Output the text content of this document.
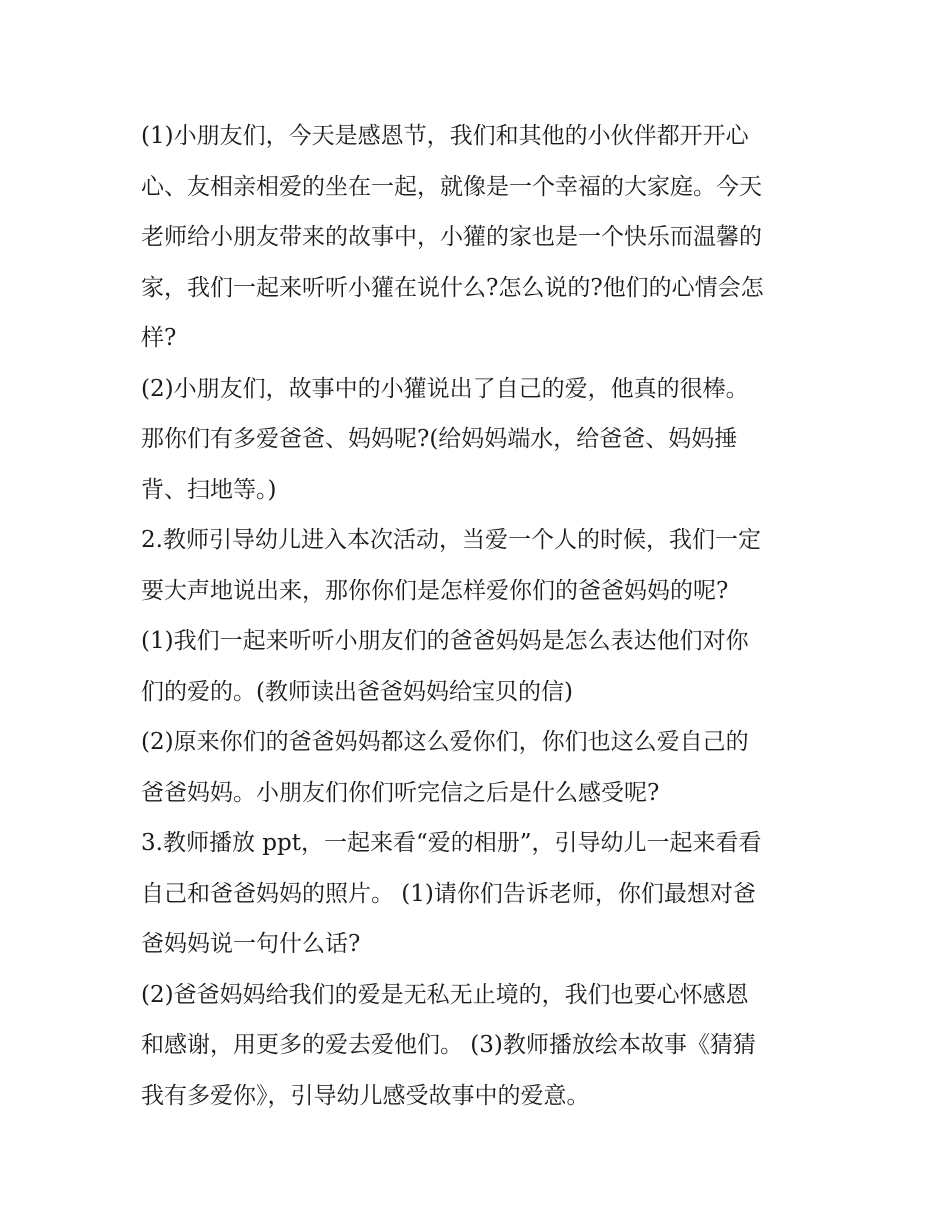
(1)小朋友们，今天是感恩节，我们和其他的小伙伴都开开心

心、友相亲相爱的坐在一起，就像是一个幸福的大家庭。今天

老师给小朋友带来的故事中，小獾的家也是一个快乐而温馨的

家，我们一起来听听小獾在说什么?怎么说的?他们的心情会怎

样?

(2)小朋友们，故事中的小獾说出了自己的爱，他真的很棒。

那你们有多爱爸爸、妈妈呢?(给妈妈端水，给爸爸、妈妈捶

背、扫地等。)

2.教师引导幼儿进入本次活动，当爱一个人的时候，我们一定

要大声地说出来，那你你们是怎样爱你们的爸爸妈妈的呢?

(1)我们一起来听听小朋友们的爸爸妈妈是怎么表达他们对你

们的爱的。(教师读出爸爸妈妈给宝贝的信)

(2)原来你们的爸爸妈妈都这么爱你们，你们也这么爱自己的

爸爸妈妈。小朋友们你们听完信之后是什么感受呢?

3.教师播放 ppt，一起来看“爱的相册”，引导幼儿一起来看看

自己和爸爸妈妈的照片。 (1)请你们告诉老师，你们最想对爸

爸妈妈说一句什么话?

(2)爸爸妈妈给我们的爱是无私无止境的，我们也要心怀感恩

和感谢，用更多的爱去爱他们。 (3)教师播放绘本故事《猜猜

我有多爱你》，引导幼儿感受故事中的爱意。
